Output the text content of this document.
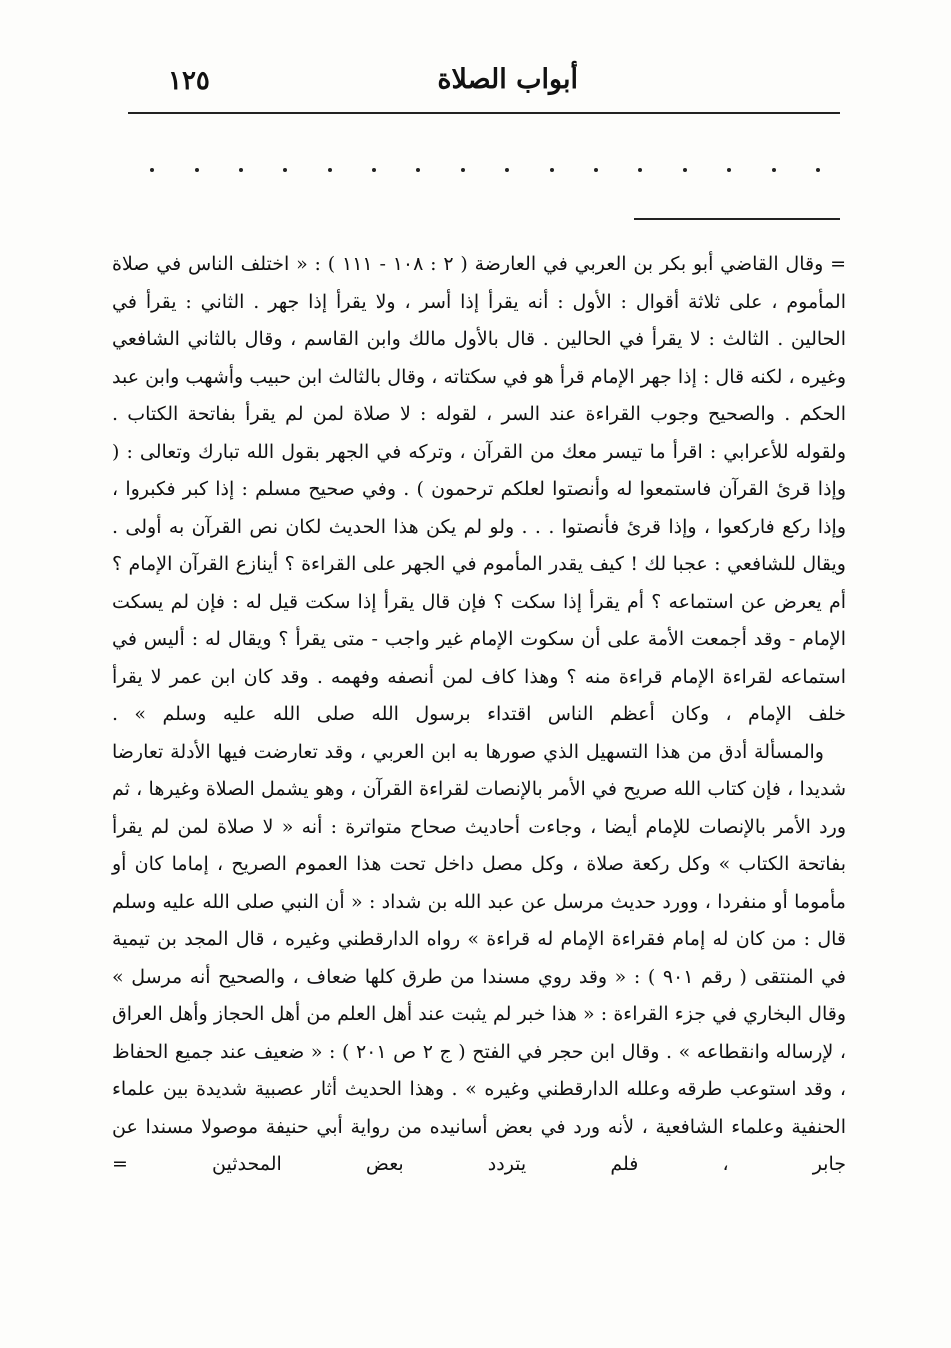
أبواب الصلاة
١٢٥

= وقال القاضي أبو بكر بن العربي في العارضة ( ٢ : ١٠٨ - ١١١ ) : « اختلف الناس في صلاة المأموم ، على ثلاثة أقوال : الأول : أنه يقرأ إذا أسر ، ولا يقرأ إذا جهر . الثاني : يقرأ في الحالين . الثالث : لا يقرأ في الحالين . قال بالأول مالك وابن القاسم ، وقال بالثاني الشافعي وغيره ، لكنه قال : إذا جهر الإمام قرأ هو في سكتاته ، وقال بالثالث ابن حبيب وأشهب وابن عبد الحكم . والصحيح وجوب القراءة عند السر ، لقوله : لا صلاة لمن لم يقرأ بفاتحة الكتاب . ولقوله للأعرابي : اقرأ ما تيسر معك من القرآن ، وتركه في الجهر بقول الله تبارك وتعالى : ( وإذا قرئ القرآن فاستمعوا له وأنصتوا لعلكم ترحمون ) . وفي صحيح مسلم : إذا كبر فكبروا ، وإذا ركع فاركعوا ، وإذا قرئ فأنصتوا . . . ولو لم يكن هذا الحديث لكان نص القرآن به أولى . ويقال للشافعي : عجبا لك ! كيف يقدر المأموم في الجهر على القراءة ؟ أينازع القرآن الإمام ؟ أم يعرض عن استماعه ؟ أم يقرأ إذا سكت ؟ فإن قال يقرأ إذا سكت قيل له : فإن لم يسكت الإمام - وقد أجمعت الأمة على أن سكوت الإمام غير واجب - متى يقرأ ؟ ويقال له : أليس في استماعه لقراءة الإمام قراءة منه ؟ وهذا كاف لمن أنصفه وفهمه . وقد كان ابن عمر لا يقرأ خلف الإمام ، وكان أعظم الناس اقتداء برسول الله صلى الله عليه وسلم » .

والمسألة أدق من هذا التسهيل الذي صورها به ابن العربي ، وقد تعارضت فيها الأدلة تعارضا شديدا ، فإن كتاب الله صريح في الأمر بالإنصات لقراءة القرآن ، وهو يشمل الصلاة وغيرها ، ثم ورد الأمر بالإنصات للإمام أيضا ، وجاءت أحاديث صحاح متواترة : أنه « لا صلاة لمن لم يقرأ بفاتحة الكتاب » وكل ركعة صلاة ، وكل مصل داخل تحت هذا العموم الصريح ، إماما كان أو مأموما أو منفردا ، وورد حديث مرسل عن عبد الله بن شداد : « أن النبي صلى الله عليه وسلم قال : من كان له إمام فقراءة الإمام له قراءة » رواه الدارقطني وغيره ، قال المجد بن تيمية في المنتقى ( رقم ٩٠١ ) : « وقد روي مسندا من طرق كلها ضعاف ، والصحيح أنه مرسل » وقال البخاري في جزء القراءة : « هذا خبر لم يثبت عند أهل العلم من أهل الحجاز وأهل العراق ، لإرساله وانقطاعه » . وقال ابن حجر في الفتح ( ج ٢ ص ٢٠١ ) : « ضعيف عند جميع الحفاظ ، وقد استوعب طرقه وعلله الدارقطني وغيره » . وهذا الحديث أثار عصبية شديدة بين علماء الحنفية وعلماء الشافعية ، لأنه ورد في بعض أسانيده من رواية أبي حنيفة موصولا مسندا عن جابر ، فلم يتردد بعض المحدثين =
